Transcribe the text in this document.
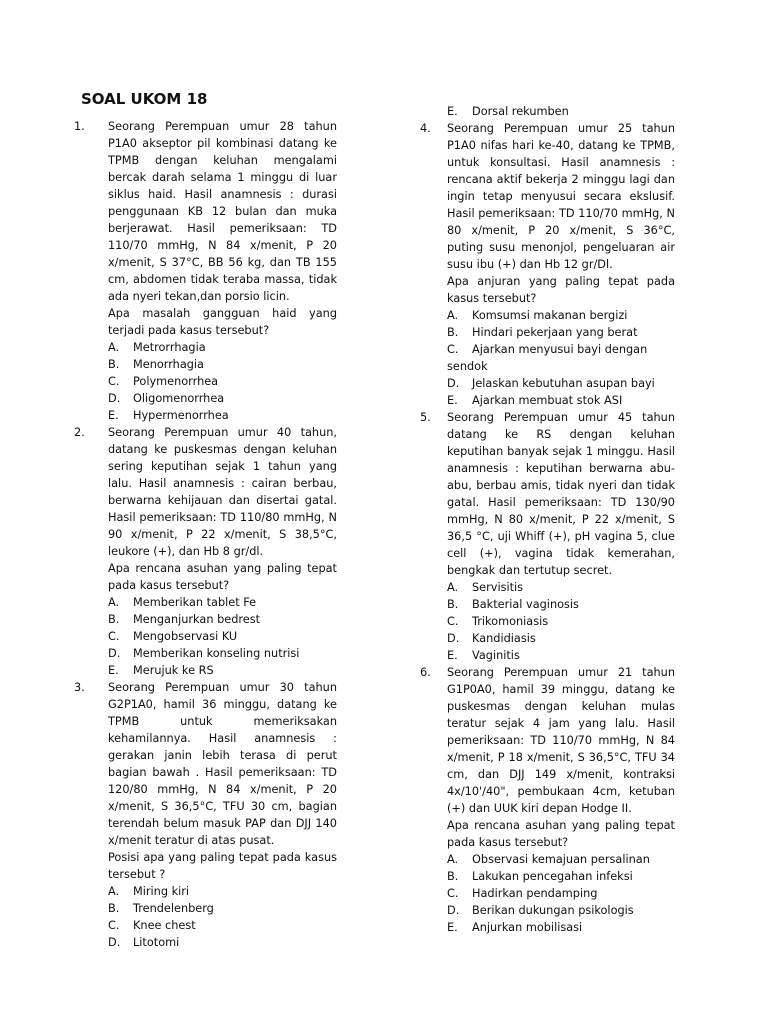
SOAL UKOM 18
1. Seorang Perempuan umur 28 tahun P1A0 akseptor pil kombinasi datang ke TPMB dengan keluhan mengalami bercak darah selama 1 minggu di luar siklus haid. Hasil anamnesis : durasi penggunaan KB 12 bulan dan muka berjerawat. Hasil pemeriksaan: TD 110/70 mmHg, N 84 x/menit, P 20 x/menit, S 37°C, BB 56 kg, dan TB 155 cm, abdomen tidak teraba massa, tidak ada nyeri tekan,dan porsio licin.

Apa masalah gangguan haid yang terjadi pada kasus tersebut?

A. Metrorrhagia
B. Menorrhagia
C. Polymenorrhea
D. Oligomenorrhea
E. Hypermenorrhea
2. Seorang Perempuan umur 40 tahun, datang ke puskesmas dengan keluhan sering keputihan sejak 1 tahun yang lalu. Hasil anamnesis : cairan berbau, berwarna kehijauan dan disertai gatal. Hasil pemeriksaan: TD 110/80 mmHg, N 90 x/menit, P 22 x/menit, S 38,5°C, leukore (+), dan Hb 8 gr/dl.

Apa rencana asuhan yang paling tepat pada kasus tersebut?

A. Memberikan tablet Fe
B. Menganjurkan bedrest
C. Mengobservasi KU
D. Memberikan konseling nutrisi
E. Merujuk ke RS
3. Seorang Perempuan umur 30 tahun G2P1A0, hamil 36 minggu, datang ke TPMB untuk memeriksakan kehamilannya. Hasil anamnesis : gerakan janin lebih terasa di perut bagian bawah . Hasil pemeriksaan: TD 120/80 mmHg, N 84 x/menit, P 20 x/menit, S 36,5°C, TFU 30 cm, bagian terendah belum masuk PAP dan DJJ 140 x/menit teratur di atas pusat.

Posisi apa yang paling tepat pada kasus tersebut ?

A. Miring kiri
B. Trendelenberg
C. Knee chest
D. Litotomi
E. Dorsal rekumben
4. Seorang Perempuan umur 25 tahun P1A0 nifas hari ke-40, datang ke TPMB, untuk konsultasi. Hasil anamnesis : rencana aktif bekerja 2 minggu lagi dan ingin tetap menyusui secara ekslusif. Hasil pemeriksaan: TD 110/70 mmHg, N 80 x/menit, P 20 x/menit, S 36°C, puting susu menonjol, pengeluaran air susu ibu (+) dan Hb 12 gr/Dl.

Apa anjuran yang paling tepat pada kasus tersebut?

A. Komsumsi makanan bergizi
B. Hindari pekerjaan yang berat
C. Ajarkan menyusui bayi dengan sendok
D. Jelaskan kebutuhan asupan bayi
E. Ajarkan membuat stok ASI
5. Seorang Perempuan umur 45 tahun datang ke RS dengan keluhan keputihan banyak sejak 1 minggu. Hasil anamnesis : keputihan berwarna abu-abu, berbau amis, tidak nyeri dan tidak gatal. Hasil pemeriksaan: TD 130/90 mmHg, N 80 x/menit, P 22 x/menit, S 36,5 °C, uji Whiff (+), pH vagina 5, clue cell (+), vagina tidak kemerahan, bengkak dan tertutup secret.

A. Servisitis
B. Bakterial vaginosis
C. Trikomoniasis
D. Kandidiasis
E. Vaginitis
6. Seorang Perempuan umur 21 tahun G1P0A0, hamil 39 minggu, datang ke puskesmas dengan keluhan mulas teratur sejak 4 jam yang lalu. Hasil pemeriksaan: TD 110/70 mmHg, N 84 x/menit, P 18 x/menit, S 36,5°C, TFU 34 cm, dan DJJ 149 x/menit, kontraksi 4x/10'/40", pembukaan 4cm, ketuban (+) dan UUK kiri depan Hodge II.

Apa rencana asuhan yang paling tepat pada kasus tersebut?

A. Observasi kemajuan persalinan
B. Lakukan pencegahan infeksi
C. Hadirkan pendamping
D. Berikan dukungan psikologis
E. Anjurkan mobilisasi
